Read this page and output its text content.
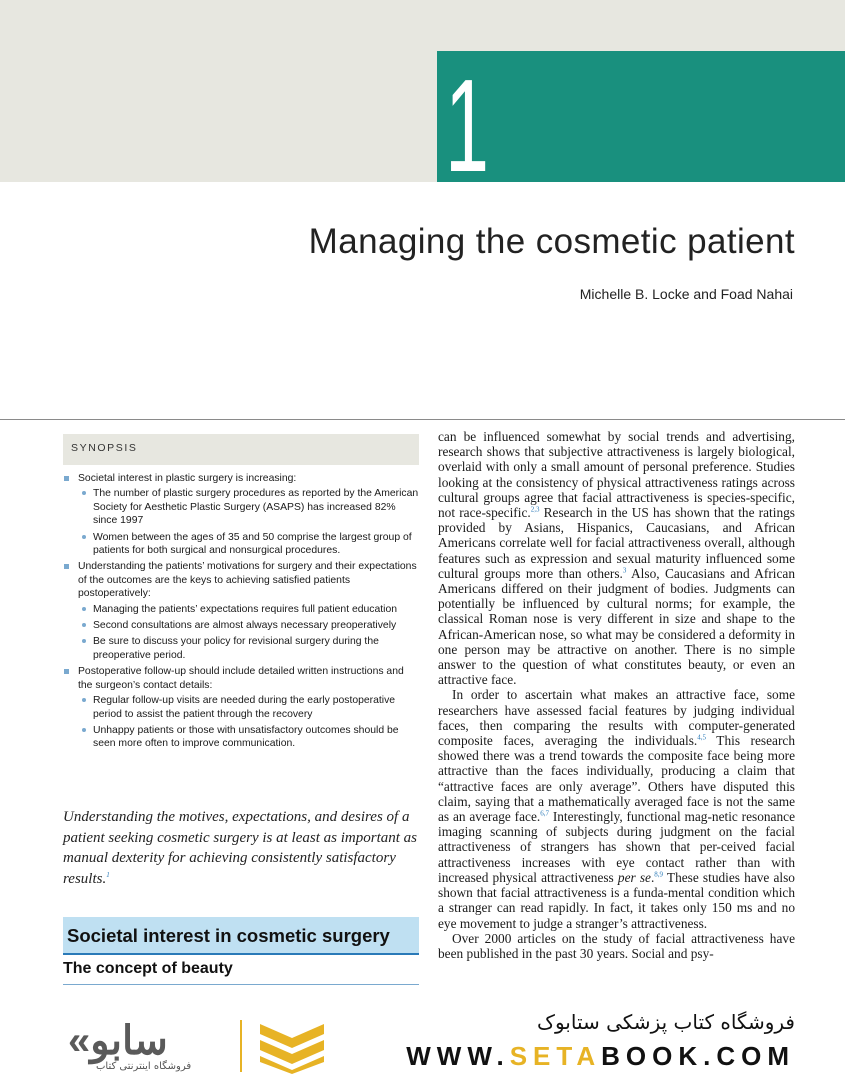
1
Managing the cosmetic patient
Michelle B. Locke and Foad Nahai
SYNOPSIS
Societal interest in plastic surgery is increasing:
The number of plastic surgery procedures as reported by the American Society for Aesthetic Plastic Surgery (ASAPS) has increased 82% since 1997
Women between the ages of 35 and 50 comprise the largest group of patients for both surgical and nonsurgical procedures.
Understanding the patients’ motivations for surgery and their expectations of the outcomes are the keys to achieving satisfied patients postoperatively:
Managing the patients’ expectations requires full patient education
Second consultations are almost always necessary preoperatively
Be sure to discuss your policy for revisional surgery during the preoperative period.
Postoperative follow-up should include detailed written instructions and the surgeon’s contact details:
Regular follow-up visits are needed during the early postoperative period to assist the patient through the recovery
Unhappy patients or those with unsatisfactory outcomes should be seen more often to improve communication.

Understanding the motives, expectations, and desires of a patient seeking cosmetic surgery is at least as important as manual dexterity for achieving consistently satisfactory results.$^1$

Societal interest in cosmetic surgery
The concept of beauty

can be influenced somewhat by social trends and advertising, research shows that subjective attractiveness is largely biological, overlaid with only a small amount of personal preference. Studies looking at the consistency of physical attractiveness ratings across cultural groups agree that facial attractiveness is species-specific, not race-specific.$^{2,3}$ Research in the US has shown that the ratings provided by Asians, Hispanics, Caucasians, and African Americans correlate well for facial attractiveness overall, although features such as expression and sexual maturity influenced some cultural groups more than others.$^3$ Also, Caucasians and African Americans differed on their judgment of bodies. Judgments can potentially be influenced by cultural norms; for example, the classical Roman nose is very different in size and shape to the African-American nose, so what may be considered a deformity in one person may be attractive on another. There is no simple answer to the question of what constitutes beauty, or even an attractive face.

In order to ascertain what makes an attractive face, some researchers have assessed facial features by judging individual faces, then comparing the results with computer-generated composite faces, averaging the individuals.$^{4,5}$ This research showed there was a trend towards the composite face being more attractive than the faces individually, producing a claim that “attractive faces are only average”. Others have disputed this claim, saying that a mathematically averaged face is not the same as an average face.$^{6,7}$ Interestingly, functional mag-netic resonance imaging scanning of subjects during judgment on the facial attractiveness of strangers has shown that per-ceived facial attractiveness increases with eye contact rather than with increased physical attractiveness per se.$^{8,9}$ These studies have also shown that facial attractiveness is a funda-mental condition which a stranger can read rapidly. In fact, it takes only 150 ms and no eye movement to judge a stranger’s attractiveness.

Over 2000 articles on the study of facial attractiveness have been published in the past 30 years. Social and psy-

«سابو
فروشگاه اینترنتی کتاب
فروشگاه کتاب پزشکی ستابوک
WWW.SETABOOK.COM
